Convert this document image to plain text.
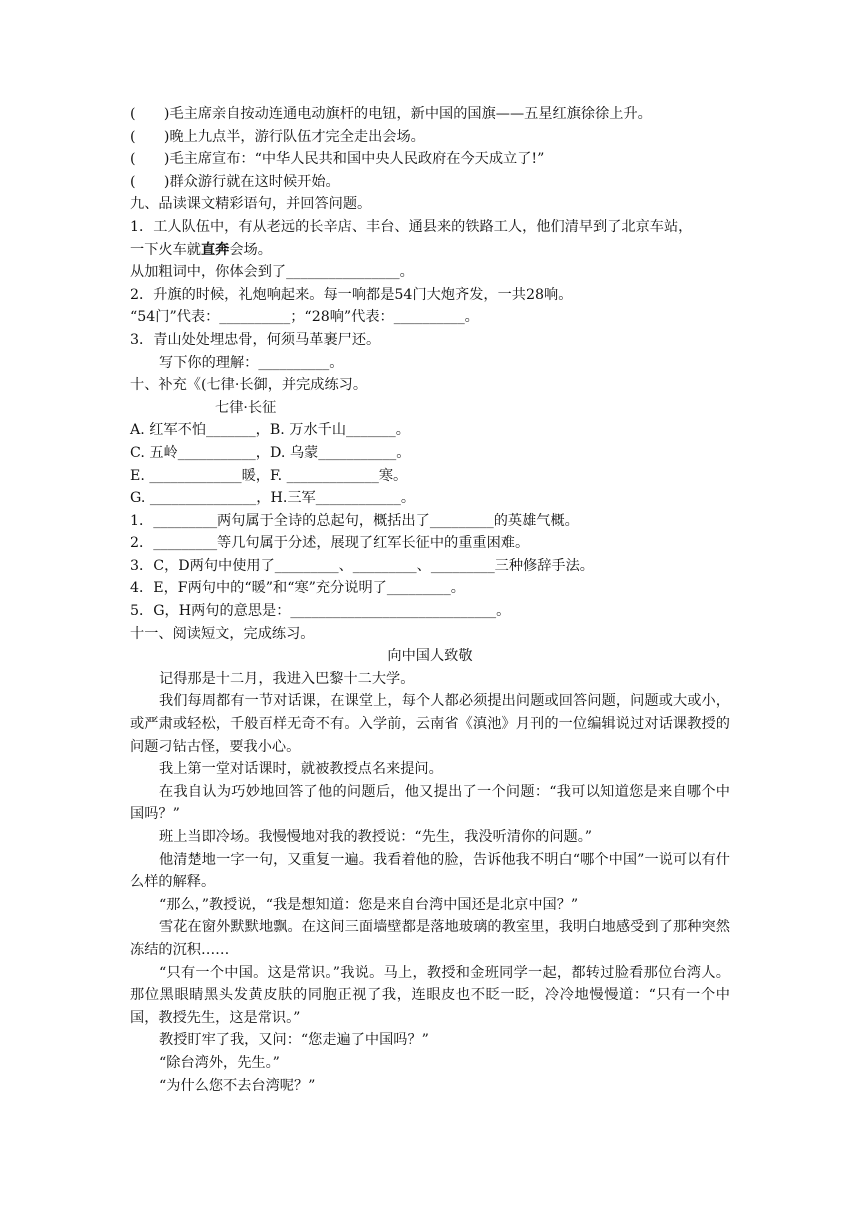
(　　)毛主席亲自按动连通电动旗杆的电钮，新中国的国旗——五星红旗徐徐上升。
(　　)晚上九点半，游行队伍才完全走出会场。
(　　)毛主席宣布：“中华人民共和国中央人民政府在今天成立了!”
(　　)群众游行就在这时候开始。
九、品读课文精彩语句，并回答问题。
1．工人队伍中，有从老远的长辛店、丰台、通县来的铁路工人，他们清早到了北京车站，
一下火车就直奔会场。
从加粗词中，你体会到了________________。
2．升旗的时候，礼炮响起来。每一响都是54门大炮齐发，一共28响。
“54门”代表：__________；“28响”代表：__________。
3．青山处处埋忠骨，何须马革裹尸还。
写下你的理解：__________。
十、补充《(七律·长御，并完成练习。
七律·长征
A. 红军不怕_______，B. 万水千山_______。
C. 五岭___________，D. 乌蒙___________。
E. _____________暖，F. _____________寒。
G. _______________，H.三军____________。
1．_________两句属于全诗的总起句，概括出了_________的英雄气概。
2．_________等几句属于分述，展现了红军长征中的重重困难。
3．C，D两句中使用了_________、_________、_________三种修辞手法。
4．E，F两句中的“暖”和“寒”充分说明了_________。
5．G，H两句的意思是：_____________________________。
十一、阅读短文，完成练习。
向中国人致敬
记得那是十二月，我进入巴黎十二大学。
我们每周都有一节对话课，在课堂上，每个人都必须提出问题或回答问题，问题或大或小，或严肃或轻松，千般百样无奇不有。入学前，云南省《滇池》月刊的一位编辑说过对话课教授的问题刁钻古怪，要我小心。
我上第一堂对话课时，就被教授点名来提问。
在我自认为巧妙地回答了他的问题后，他又提出了一个问题：“我可以知道您是来自哪个中国吗？”
班上当即冷场。我慢慢地对我的教授说：“先生，我没听清你的问题。”
他清楚地一字一句，又重复一遍。我看着他的脸，告诉他我不明白“哪个中国”一说可以有什么样的解释。
“那么，”教授说，“我是想知道：您是来自台湾中国还是北京中国？”
雪花在窗外默默地飘。在这间三面墙壁都是落地玻璃的教室里，我明白地感受到了那种突然冻结的沉积……
“只有一个中国。这是常识。”我说。马上，教授和金班同学一起，都转过脸看那位台湾人。那位黑眼睛黑头发黄皮肤的同胞正视了我，连眼皮也不眨一眨，冷冷地慢慢道：“只有一个中国，教授先生，这是常识。”
教授盯牢了我，又问：“您走遍了中国吗？”
“除台湾外，先生。”
“为什么您不去台湾呢？”
